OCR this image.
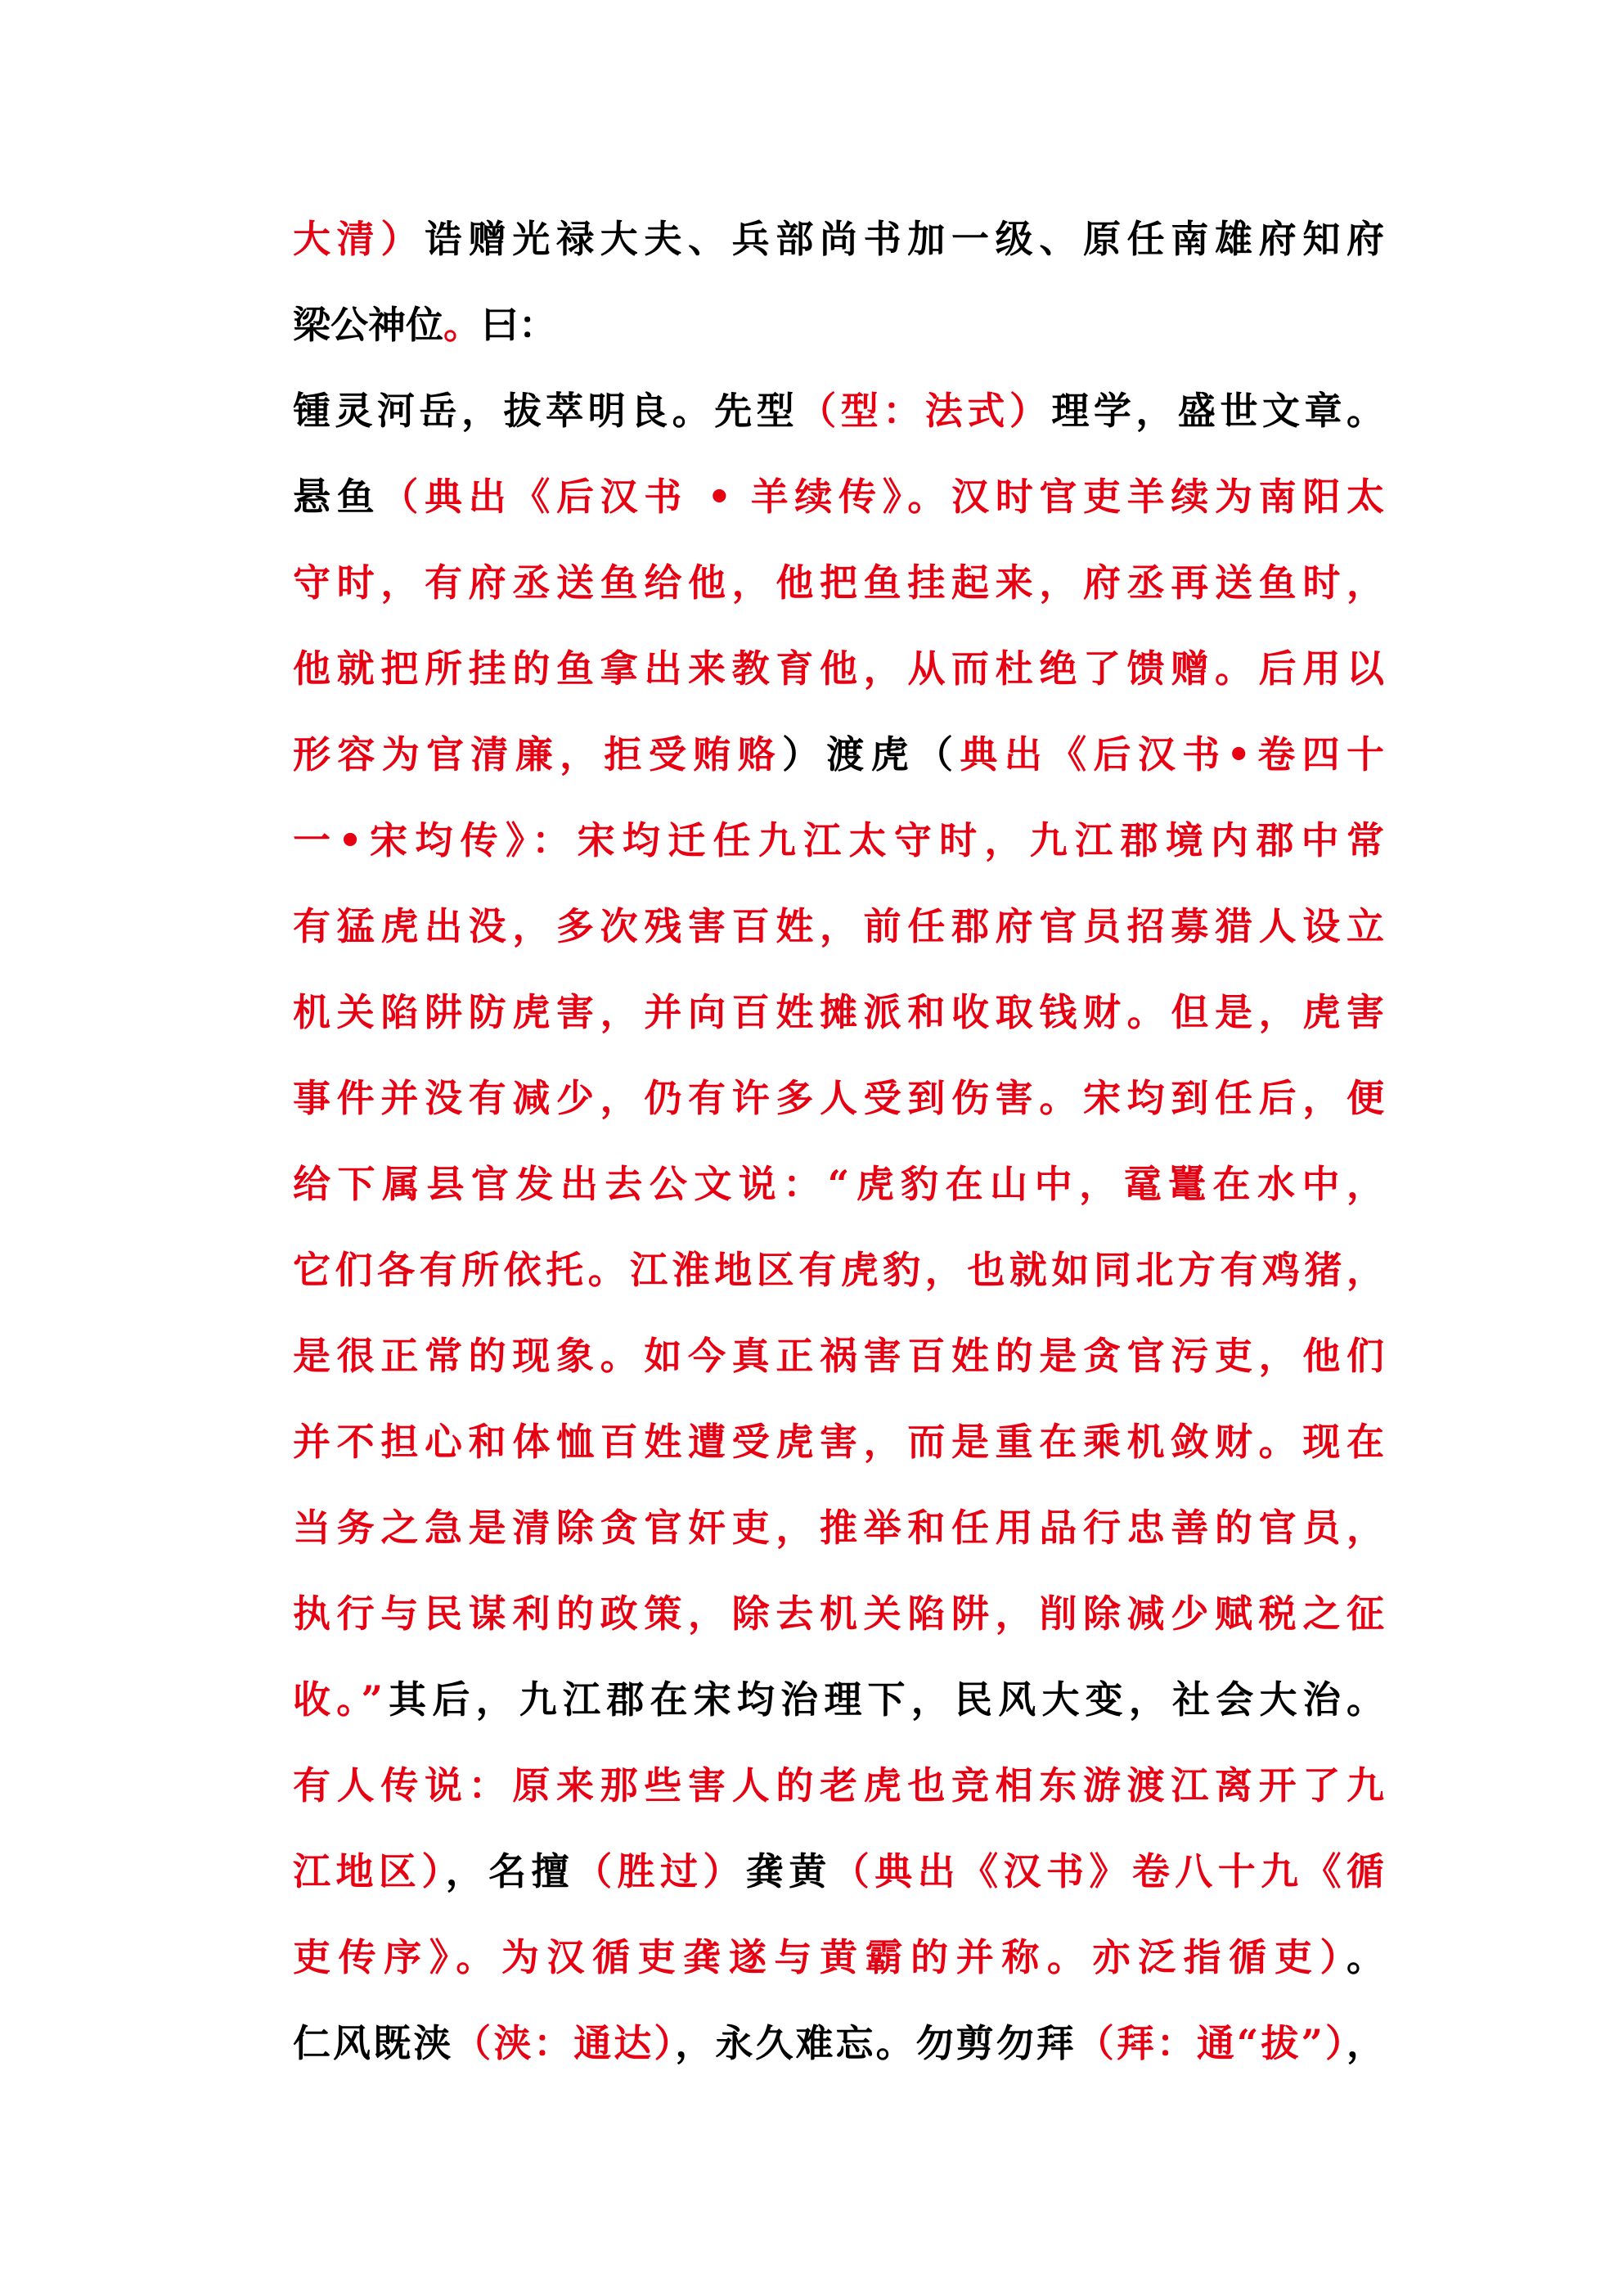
大清）诰赠光禄大夫、兵部尚书加一级、原任南雄府知府
梁公神位。曰：
锺灵河岳，拔萃明良。先型（型：法式）理学，盛世文章。
悬鱼（典出《后汉书 • 羊续传》。汉时官吏羊续为南阳太
守时，有府丞送鱼给他，他把鱼挂起来，府丞再送鱼时，
他就把所挂的鱼拿出来教育他，从而杜绝了馈赠。后用以
形容为官清廉，拒受贿赂）渡虎（典出《后汉书•卷四十
一•宋均传》：宋均迁任九江太守时，九江郡境内郡中常
有猛虎出没，多次残害百姓，前任郡府官员招募猎人设立
机关陷阱防虎害，并向百姓摊派和收取钱财。但是，虎害
事件并没有减少，仍有许多人受到伤害。宋均到任后，便
给下属县官发出去公文说：“虎豹在山中，鼋鼍在水中，
它们各有所依托。江淮地区有虎豹，也就如同北方有鸡猪，
是很正常的现象。如今真正祸害百姓的是贪官污吏，他们
并不担心和体恤百姓遭受虎害，而是重在乘机敛财。现在
当务之急是清除贪官奸吏，推举和任用品行忠善的官员，
执行与民谋利的政策，除去机关陷阱，削除减少赋税之征
收。”其后，九江郡在宋均治理下，民风大变，社会大治。
有人传说：原来那些害人的老虎也竞相东游渡江离开了九
江地区），名擅（胜过）龚黄（典出《汉书》卷八十九《循
吏传序》。为汉循吏龚遂与黄霸的并称。亦泛指循吏）。
仁风既浃（浃：通达），永久难忘。勿剪勿拜（拜：通“拔”），
